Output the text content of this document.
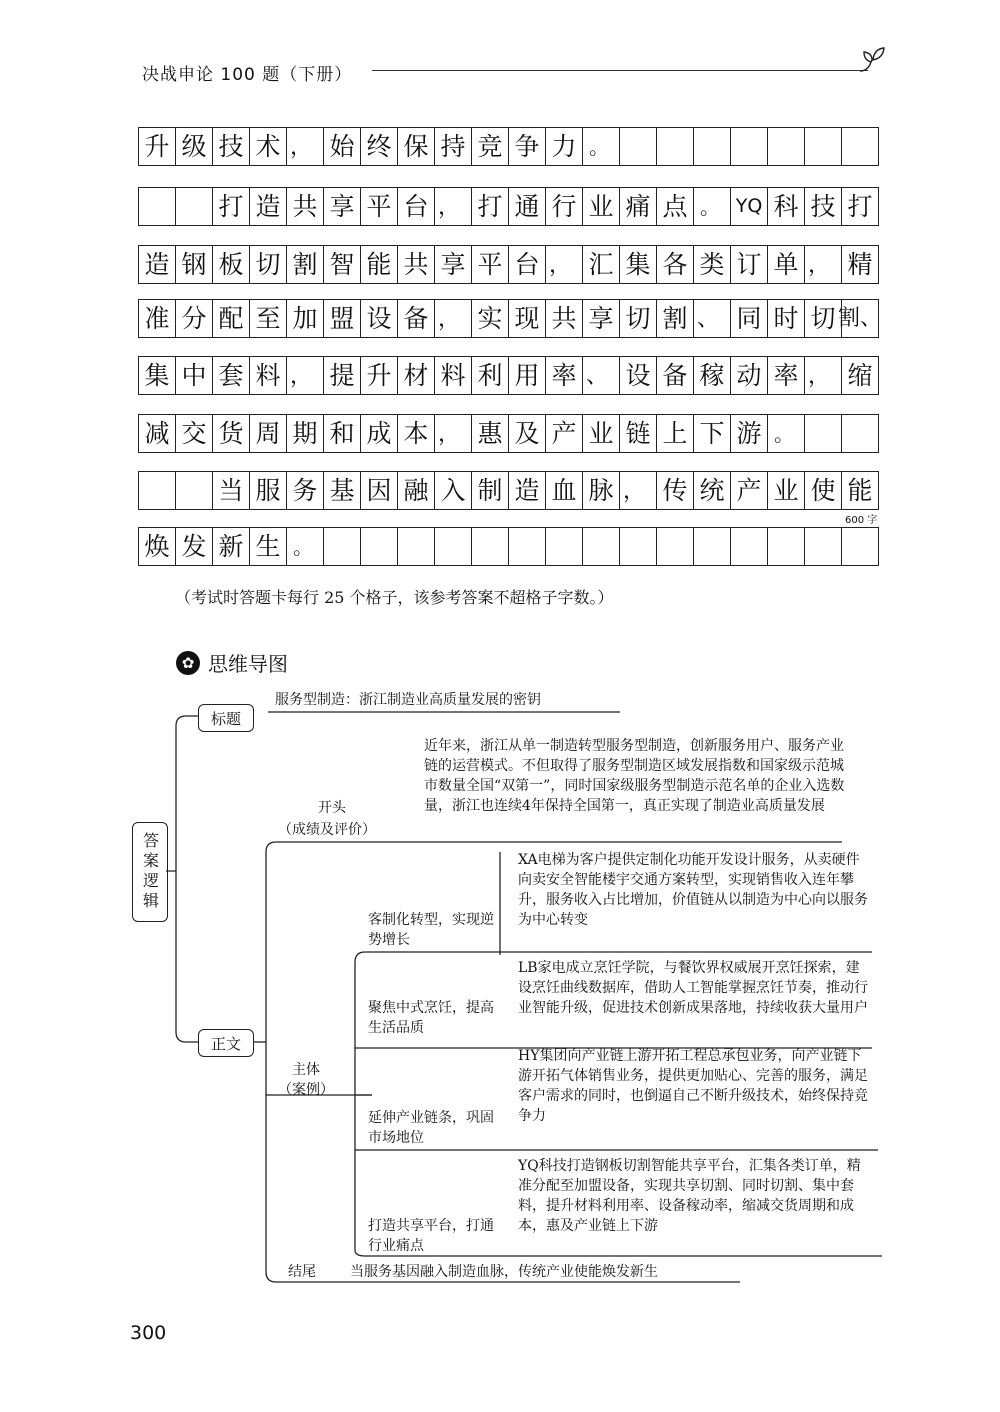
决战申论 100 题（下册）
升 级 技 术 ， 始 终 保 持 竞 争 力 。
打 造 共 享 平 台 ， 打 通 行 业 痛 点 。 YQ 科 技 打
造 钢 板 切 割 智 能 共 享 平 台 ， 汇 集 各 类 订 单 ， 精
准 分 配 至 加 盟 设 备 ， 实 现 共 享 切 割 、 同 时 切 割、
集 中 套 料 ， 提 升 材 料 利 用 率 、 设 备 稼 动 率 ， 缩
减 交 货 周 期 和 成 本 ， 惠 及 产 业 链 上 下 游 。
当 服 务 基 因 融 入 制 造 血 脉 ， 传 统 产 业 使 能
焕 发 新 生 。
600 字
（考试时答题卡每行 25 个格子，该参考答案不超格子字数。）
✿ 思维导图
答案逻辑
标题
服务型制造：浙江制造业高质量发展的密钥
正文
开头
（成绩及评价）
近年来，浙江从单一制造转型服务型制造，创新服务用户、服务产业链的运营模式。不但取得了服务型制造区域发展指数和国家级示范城市数量全国“双第一”，同时国家级服务型制造示范名单的企业入选数量，浙江也连续4年保持全国第一，真正实现了制造业高质量发展
主体
（案例）
客制化转型，实现逆势增长
XA电梯为客户提供定制化功能开发设计服务，从卖硬件向卖安全智能楼宇交通方案转型，实现销售收入连年攀升，服务收入占比增加，价值链从以制造为中心向以服务为中心转变
聚焦中式烹饪，提高生活品质
LB家电成立烹饪学院，与餐饮界权威展开烹饪探索，建设烹饪曲线数据库，借助人工智能掌握烹饪节奏，推动行业智能升级，促进技术创新成果落地，持续收获大量用户
延伸产业链条，巩固市场地位
HY集团向产业链上游开拓工程总承包业务，向产业链下游开拓气体销售业务，提供更加贴心、完善的服务，满足客户需求的同时，也倒逼自己不断升级技术，始终保持竞争力
打造共享平台，打通行业痛点
YQ科技打造钢板切割智能共享平台，汇集各类订单，精准分配至加盟设备，实现共享切割、同时切割、集中套料，提升材料利用率、设备稼动率，缩减交货周期和成本，惠及产业链上下游
结尾 当服务基因融入制造血脉，传统产业使能焕发新生
300
